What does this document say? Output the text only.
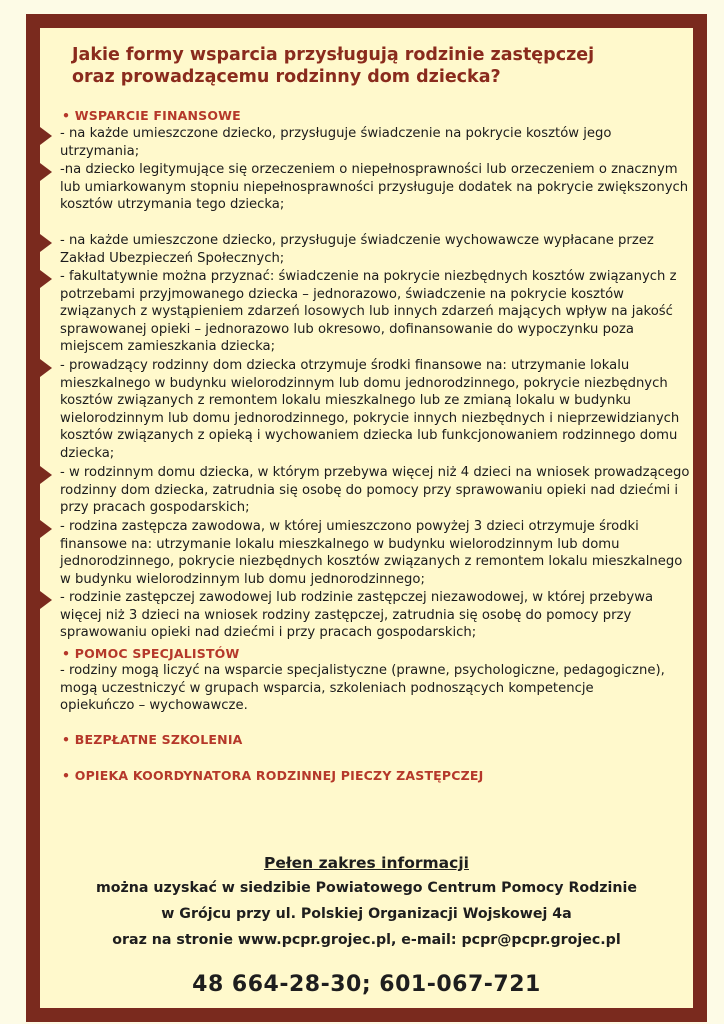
Jakie formy wsparcia przysługują rodzinie zastępczej
oraz prowadzącemu rodzinny dom dziecka?
• WSPARCIE FINANSOWE
- na każde umieszczone dziecko, przysługuje świadczenie na pokrycie kosztów jego utrzymania;
-na dziecko legitymujące się orzeczeniem o niepełnosprawności lub orzeczeniem o znacznym lub umiarkowanym stopniu niepełnosprawności przysługuje dodatek na pokrycie zwiększonych kosztów utrzymania tego dziecka;
- na każde umieszczone dziecko, przysługuje świadczenie wychowawcze wypłacane przez Zakład Ubezpieczeń Społecznych;
- fakultatywnie można przyznać: świadczenie na pokrycie niezbędnych kosztów związanych z potrzebami przyjmowanego dziecka – jednorazowo, świadczenie na pokrycie kosztów związanych z wystąpieniem zdarzeń losowych lub innych zdarzeń mających wpływ na jakość sprawowanej opieki – jednorazowo lub okresowo, dofinansowanie do wypoczynku poza miejscem zamieszkania dziecka;
- prowadzący rodzinny dom dziecka otrzymuje środki finansowe na: utrzymanie lokalu mieszkalnego w budynku wielorodzinnym lub domu jednorodzinnego, pokrycie niezbędnych kosztów związanych z remontem lokalu mieszkalnego lub ze zmianą lokalu w budynku wielorodzinnym lub domu jednorodzinnego, pokrycie innych niezbędnych i nieprzewidzianych kosztów związanych z opieką i wychowaniem dziecka lub funkcjonowaniem rodzinnego domu dziecka;
- w rodzinnym domu dziecka, w którym przebywa więcej niż 4 dzieci na wniosek prowadzącego rodzinny dom dziecka, zatrudnia się osobę do pomocy przy sprawowaniu opieki nad dziećmi i przy pracach gospodarskich;
- rodzina zastępcza zawodowa, w której umieszczono powyżej 3 dzieci otrzymuje środki finansowe na: utrzymanie lokalu mieszkalnego w budynku wielorodzinnym lub domu jednorodzinnego, pokrycie niezbędnych kosztów związanych z remontem lokalu mieszkalnego w budynku wielorodzinnym lub domu jednorodzinnego;
- rodzinie zastępczej zawodowej lub rodzinie zastępczej niezawodowej, w której przebywa więcej niż 3 dzieci na wniosek rodziny zastępczej, zatrudnia się osobę do pomocy przy sprawowaniu opieki nad dziećmi i przy pracach gospodarskich;
• POMOC SPECJALISTÓW
- rodziny mogą liczyć na wsparcie specjalistyczne (prawne, psychologiczne, pedagogiczne), mogą uczestniczyć w grupach wsparcia, szkoleniach podnoszących kompetencje opiekuńczo – wychowawcze.
• BEZPŁATNE SZKOLENIA
• OPIEKA KOORDYNATORA RODZINNEJ PIECZY ZASTĘPCZEJ
Pełen zakres informacji
można uzyskać w siedzibie Powiatowego Centrum Pomocy Rodzinie
w Grójcu przy ul. Polskiej Organizacji Wojskowej 4a
oraz na stronie www.pcpr.grojec.pl, e-mail: pcpr@pcpr.grojec.pl
48 664-28-30; 601-067-721
